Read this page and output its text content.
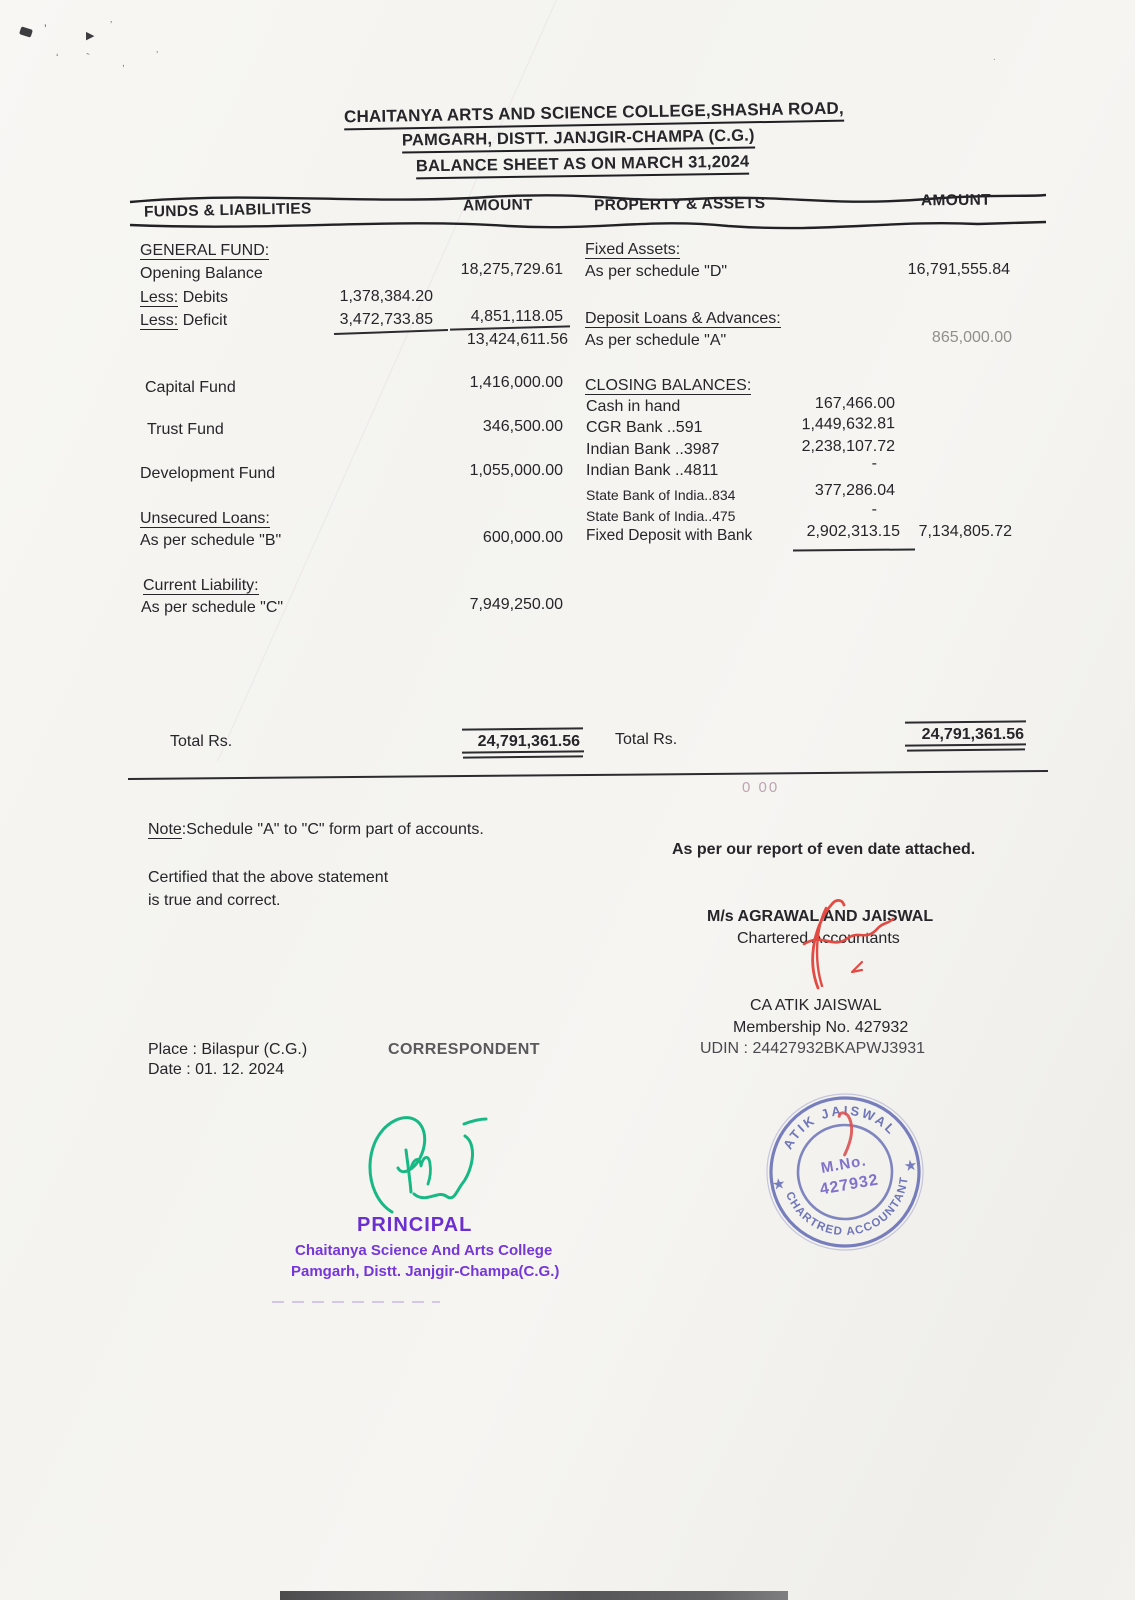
’	▶
’
‘ `	,
’	.
CHAITANYA ARTS AND SCIENCE COLLEGE,SHASHA ROAD,
PAMGARH, DISTT. JANJGIR-CHAMPA (C.G.)
BALANCE SHEET AS ON MARCH 31,2024
FUNDS & LIABILITIES	AMOUNT	PROPERTY & ASSETS	AMOUNT
GENERAL FUND:
Opening Balance	18,275,729.61
Less: Debits	1,378,384.20
Less: Deficit	3,472,733.85	4,851,118.05
13,424,611.56
Capital Fund	1,416,000.00
Trust Fund	346,500.00
Development Fund	1,055,000.00
Unsecured Loans:
As per schedule "B"	600,000.00
Current Liability:
As per schedule "C"	7,949,250.00
Fixed Assets:
As per schedule "D"	16,791,555.84
Deposit Loans & Advances:
As per schedule "A"	865,000.00
CLOSING BALANCES:
Cash in hand	167,466.00
CGR Bank ..591	1,449,632.81
Indian Bank ..3987	2,238,107.72
Indian Bank ..4811	-
State Bank of India..834	377,286.04
State Bank of India..475	-
Fixed Deposit with Bank	2,902,313.15	7,134,805.72
Total Rs.	24,791,361.56 Total Rs.	24,791,361.56
0 00
Note:Schedule "A" to "C" form part of accounts.
As per our report of even date attached.
Certified that the above statement
is true and correct.
M/s AGRAWAL AND JAISWAL
Chartered Accountants
CA ATIK JAISWAL
Membership No. 427932
UDIN : 24427932BKAPWJ3931
Place : Bilaspur (C.G.)
Date : 01. 12. 2024
CORRESPONDENT
PRINCIPAL
Chaitanya Science And Arts College
Pamgarh, Distt. Janjgir-Champa(C.G.)
ATIK JAISWAL
CHARTRED ACCOUNTANT
★
★
M.No.
427932
